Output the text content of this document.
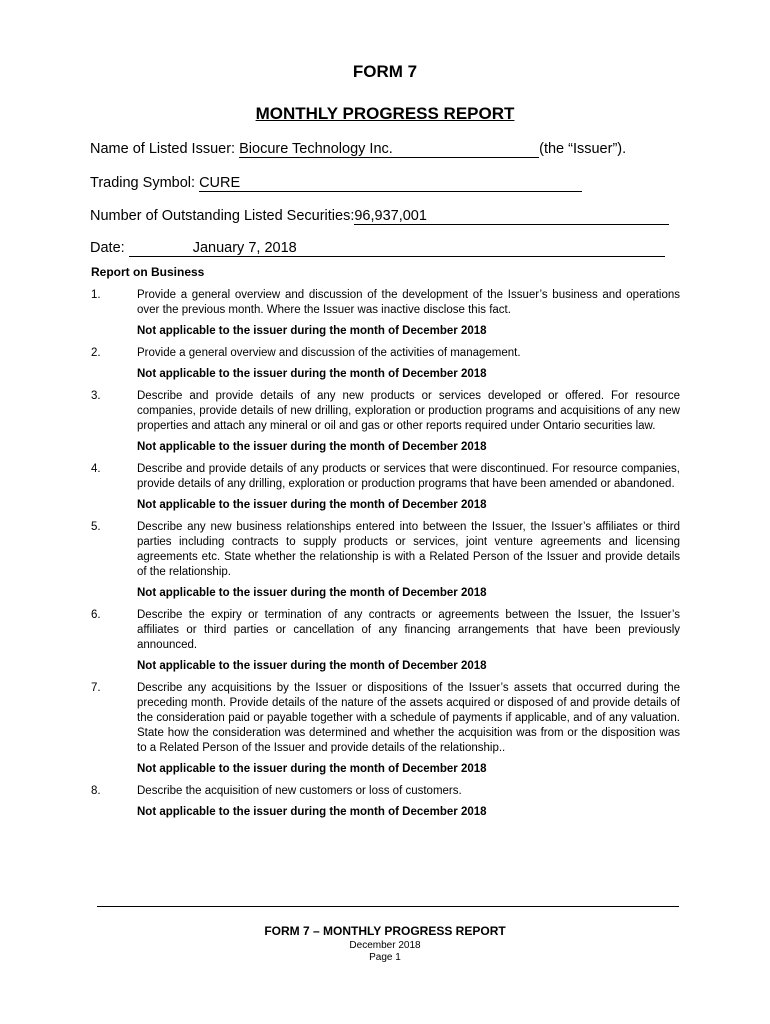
FORM 7
MONTHLY PROGRESS REPORT
Name of Listed Issuer:
Biocure Technology Inc.	(the “Issuer”).
Trading Symbol:
CURE
Number of Outstanding Listed Securities: 96,937,001
Date:
	January 7, 2018
Report on Business
1.	Provide a general overview and discussion of the development of the Issuer’s business and operations over the previous month. Where the Issuer was inactive disclose this fact.
Not applicable to the issuer during the month of December 2018
2.	Provide a general overview and discussion of the activities of management.
Not applicable to the issuer during the month of December 2018
3.	Describe and provide details of any new products or services developed or offered. For resource companies, provide details of new drilling, exploration or production programs and acquisitions of any new properties and attach any mineral or oil and gas or other reports required under Ontario securities law.
Not applicable to the issuer during the month of December 2018
4.	Describe and provide details of any products or services that were discontinued. For resource companies, provide details of any drilling, exploration or production programs that have been amended or abandoned.
Not applicable to the issuer during the month of December 2018
5.	Describe any new business relationships entered into between the Issuer, the Issuer’s affiliates or third parties including contracts to supply products or services, joint venture agreements and licensing agreements etc. State whether the relationship is with a Related Person of the Issuer and provide details of the relationship.
Not applicable to the issuer during the month of December 2018
6.	Describe the expiry or termination of any contracts or agreements between the Issuer, the Issuer’s affiliates or third parties or cancellation of any financing arrangements that have been previously announced.
Not applicable to the issuer during the month of December 2018
7.	Describe any acquisitions by the Issuer or dispositions of the Issuer’s assets that occurred during the preceding month. Provide details of the nature of the assets acquired or disposed of and provide details of the consideration paid or payable together with a schedule of payments if applicable, and of any valuation. State how the consideration was determined and whether the acquisition was from or the disposition was to a Related Person of the Issuer and provide details of the relationship..
Not applicable to the issuer during the month of December 2018
8.	Describe the acquisition of new customers or loss of customers.
Not applicable to the issuer during the month of December 2018
FORM 7 – MONTHLY PROGRESS REPORT
December 2018
Page 1
